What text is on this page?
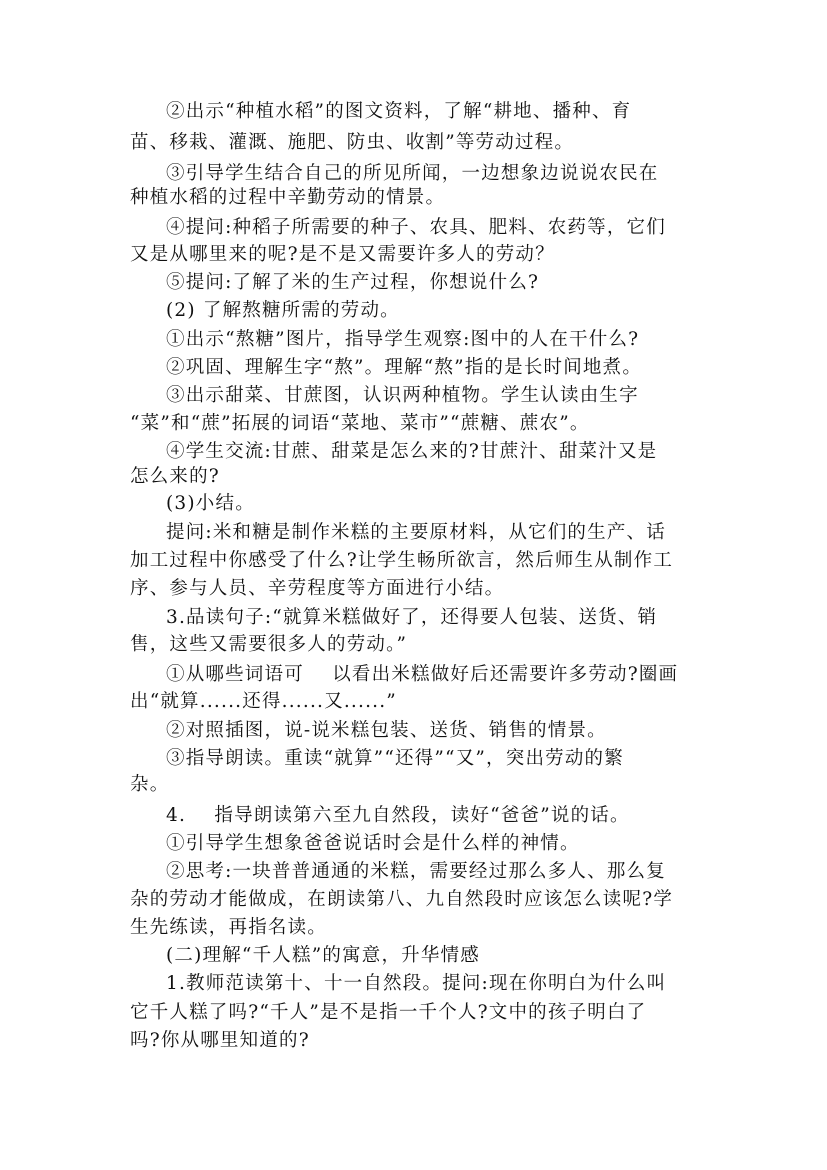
②出示“种植水稻”的图文资料，了解“耕地、播种、育
苗、移栽、灌溉、施肥、防虫、收割”等劳动过程。
③引导学生结合自己的所见所闻，一边想象边说说农民在
种植水稻的过程中辛勤劳动的情景。
④提问:种稻子所需要的种子、农具、肥料、农药等，它们
又是从哪里来的呢?是不是又需要许多人的劳动？
⑤提问:了解了米的生产过程，你想说什么?
(2) 了解熬糖所需的劳动。
①出示“熬糖”图片，指导学生观察:图中的人在干什么?
②巩固、理解生字“熬”。理解“熬”指的是长时间地煮。
③出示甜菜、甘蔗图，认识两种植物。学生认读由生字
“菜”和“蔗”拓展的词语“菜地、菜市”“蔗糖、蔗农”。
④学生交流:甘蔗、甜菜是怎么来的?甘蔗汁、甜菜汁又是
怎么来的?
(3)小结。
提问:米和糖是制作米糕的主要原材料，从它们的生产、话
加工过程中你感受了什么?让学生畅所欲言，然后师生从制作工
序、参与人员、辛劳程度等方面进行小结。
3.品读句子:“就算米糕做好了，还得要人包装、送货、销
售，这些又需要很多人的劳动。”
①从哪些词语可    以看出米糕做好后还需要许多劳动?圈画
出“就算......还得......又......”
②对照插图，说-说米糕包装、送货、销售的情景。
③指导朗读。重读“就算”“还得”“又”，突出劳动的繁
杂。
4.    指导朗读第六至九自然段，读好“爸爸”说的话。
①引导学生想象爸爸说话时会是什么样的神情。
②思考:一块普普通通的米糕，需要经过那么多人、那么复
杂的劳动才能做成，在朗读第八、九自然段时应该怎么读呢?学
生先练读，再指名读。
(二)理解“千人糕”的寓意，升华情感
1.教师范读第十、十一自然段。提问:现在你明白为什么叫
它千人糕了吗?“千人”是不是指一千个人?文中的孩子明白了
吗?你从哪里知道的?
